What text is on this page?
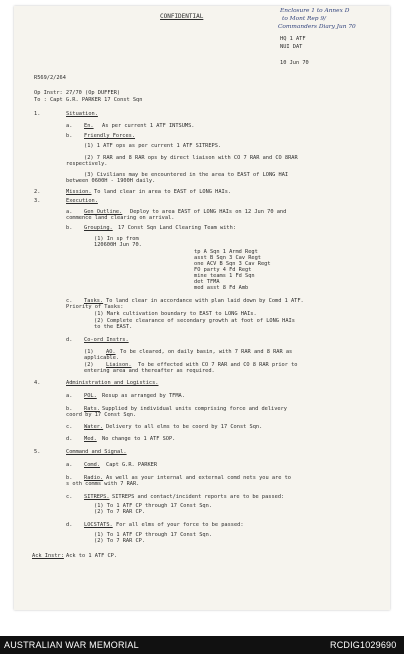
CONFIDENTIAL
Enclosure 1 to Annex D
to Mont Rep 9/
Commanders Diary Jun 70
HQ 1 ATF
NUI DAT
10 Jun 70
R569/2/264
Op Instr: 27/70 (Op DUFFER)
To : Capt G.R. PARKER 17 Const Sqn
1.	Situation.
a. En. As per current 1 ATF INTSUMS.
b. Friendly Forces.
(1) 1 ATF ops as per current 1 ATF SITREPS.
(2) 7 RAR and 8 RAR ops by direct liaison with CO 7 RAR and CO 8RAR
respectively.
(3) Civilians may be encountered in the area to EAST of LONG HAI
between 0600H - 1900H daily.
2.	Mission. To land clear in area to EAST of LONG HAIs.
3.	Execution.
a. Gen Outline. Deploy to area EAST of LONG HAIs on 12 Jun 70 and
commence land clearing on arrival.
b. Grouping. 17 Const Sqn Land Clearing Team with:
(1) In sp from
120600H Jun 70.
tp A Sqn 1 Armd Regt
asst B Sqn 3 Cav Regt
one ACV B Sqn 3 Cav Regt
FO party 4 Fd Regt
mine teams 1 Fd Sqn
det TFMA
med asst 8 Fd Amb
c. Tasks. To land clear in accordance with plan laid down by Comd 1 ATF.
Priority of Tasks:
(1) Mark cultivation boundary to EAST to LONG HAIs.
(2) Complete clearance of secondary growth at foot of LONG HAIs
to the EAST.
d. Co-ord Instrs.
(1) AO. To be cleared, on daily basin, with 7 RAR and 8 RAR as
applicable.
(2) Liaison. To be effected with CO 7 RAR and CO 8 RAR prior to
entering area and thereafter as required.
4.	Administration and Logistics.
a. POL. Resup as arranged by TFMA.
b. Rats. Supplied by individual units comprising force and delivery
coord by 17 Const Sqn.
c. Water. Delivery to all elms to be coord by 17 Const Sqn.
d. Med. No change to 1 ATF SOP.
5.	Command and Signal.
a. Comd. Capt G.R. PARKER
b. Radio. As well as your internal and external comd nets you are to
s oth comms with 7 RAR.
c. SITREPS. SITREPS and contact/incident reports are to be passed:
(1) To 1 ATF CP through 17 Const Sqn.
(2) To 7 RAR CP.
d. LOCSTATS. For all elms of your force to be passed:
(1) To 1 ATF CP through 17 Const Sqn.
(2) To 7 RAR CP.
Ack Instr: Ack to 1 ATF CP.
AUSTRALIAN WAR MEMORIAL	RCDIG1029690
